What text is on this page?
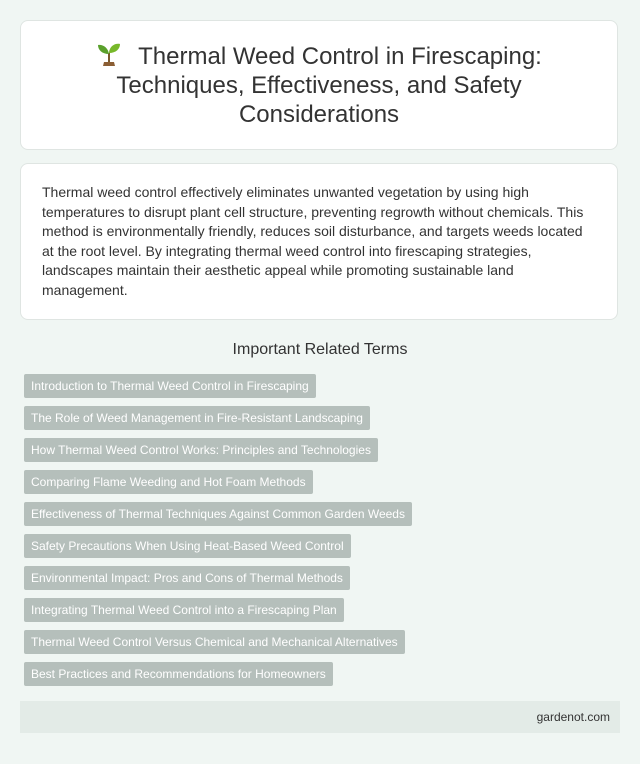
Thermal Weed Control in Firescaping: Techniques, Effectiveness, and Safety Considerations

Thermal weed control effectively eliminates unwanted vegetation by using high temperatures to disrupt plant cell structure, preventing regrowth without chemicals. This method is environmentally friendly, reduces soil disturbance, and targets weeds located at the root level. By integrating thermal weed control into firescaping strategies, landscapes maintain their aesthetic appeal while promoting sustainable land management.

Important Related Terms
Introduction to Thermal Weed Control in Firescaping
The Role of Weed Management in Fire-Resistant Landscaping
How Thermal Weed Control Works: Principles and Technologies
Comparing Flame Weeding and Hot Foam Methods
Effectiveness of Thermal Techniques Against Common Garden Weeds
Safety Precautions When Using Heat-Based Weed Control
Environmental Impact: Pros and Cons of Thermal Methods
Integrating Thermal Weed Control into a Firescaping Plan
Thermal Weed Control Versus Chemical and Mechanical Alternatives
Best Practices and Recommendations for Homeowners
gardenot.com
